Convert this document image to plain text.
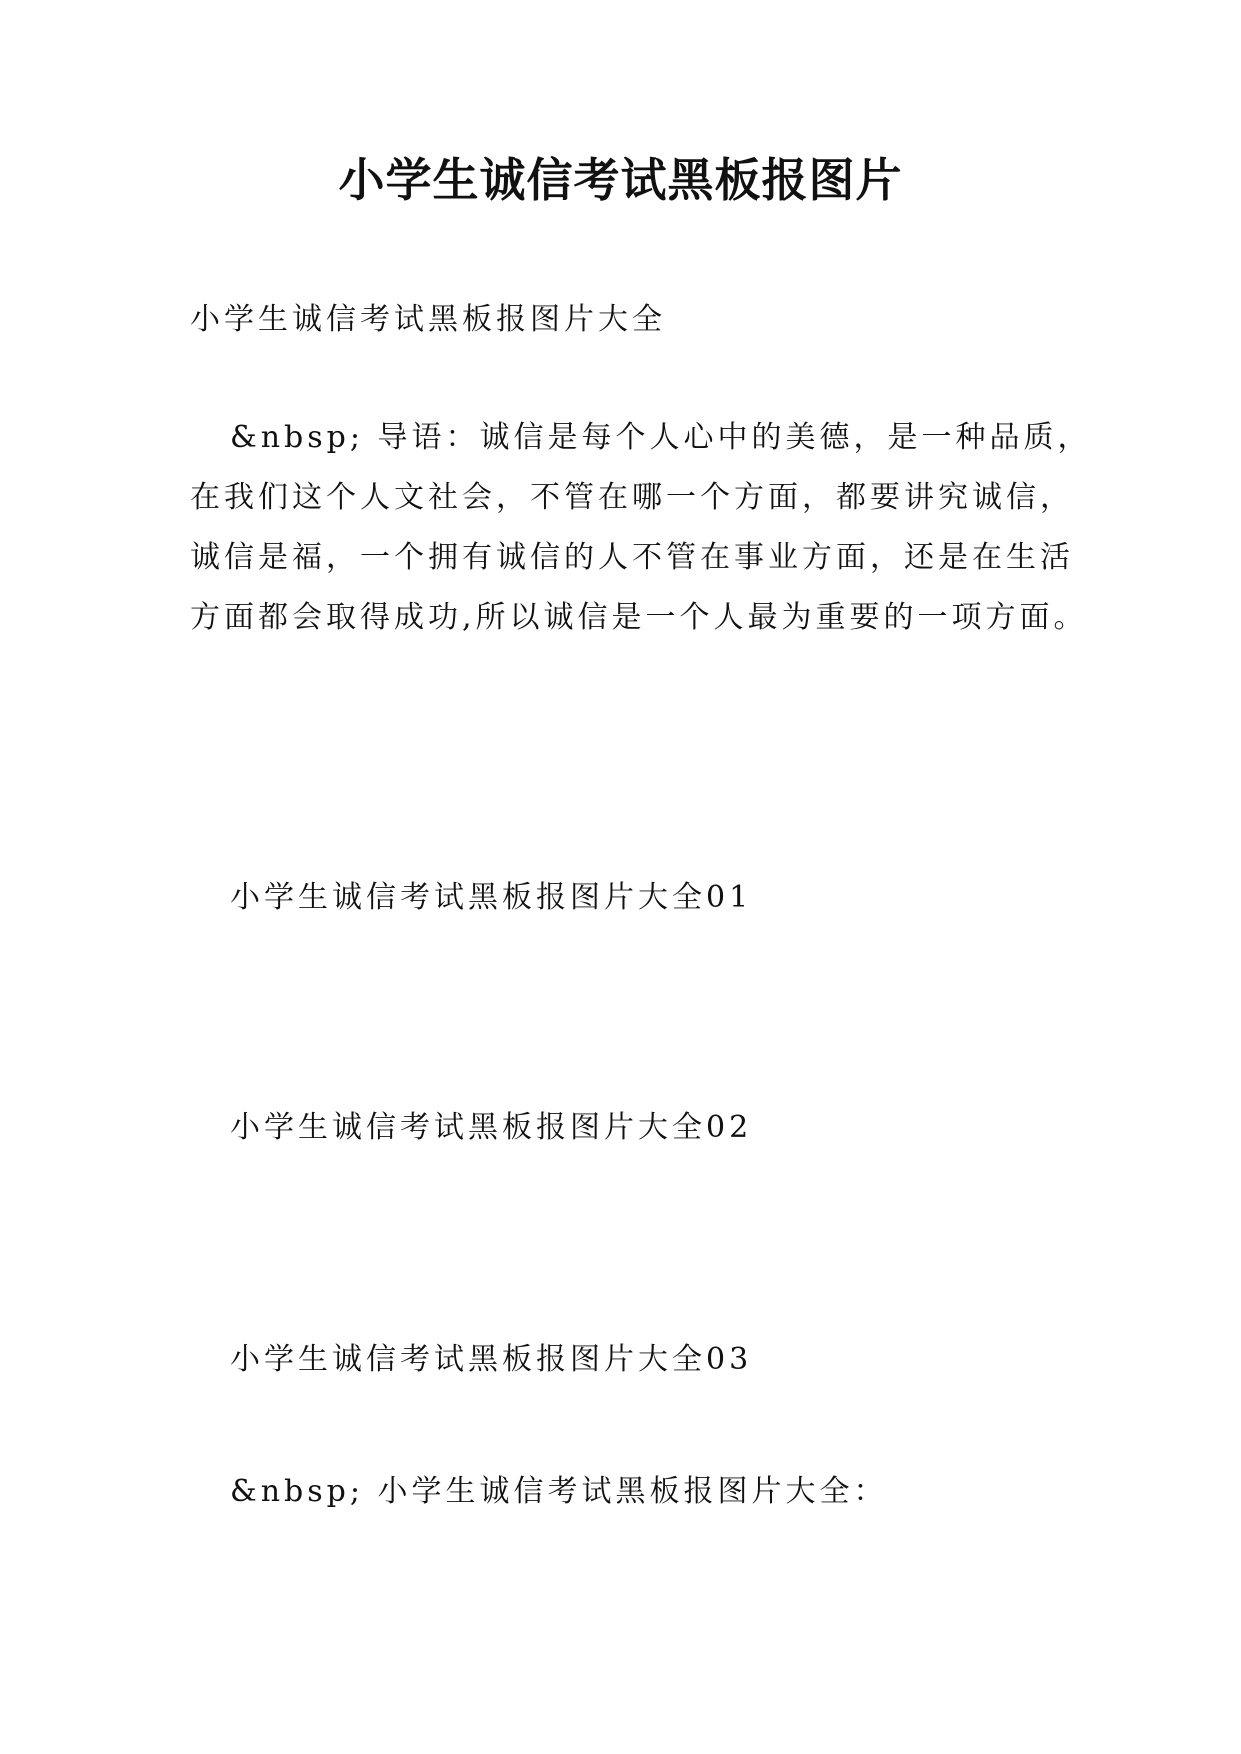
小学生诚信考试黑板报图片

小学生诚信考试黑板报图片大全

&nbsp; 导语：诚信是每个人心中的美德，是一种品质，
在我们这个人文社会，不管在哪一个方面，都要讲究诚信，
诚信是福，一个拥有诚信的人不管在事业方面，还是在生活
方面都会取得成功,所以诚信是一个人最为重要的一项方面。

小学生诚信考试黑板报图片大全01

小学生诚信考试黑板报图片大全02

小学生诚信考试黑板报图片大全03

&nbsp; 小学生诚信考试黑板报图片大全：
